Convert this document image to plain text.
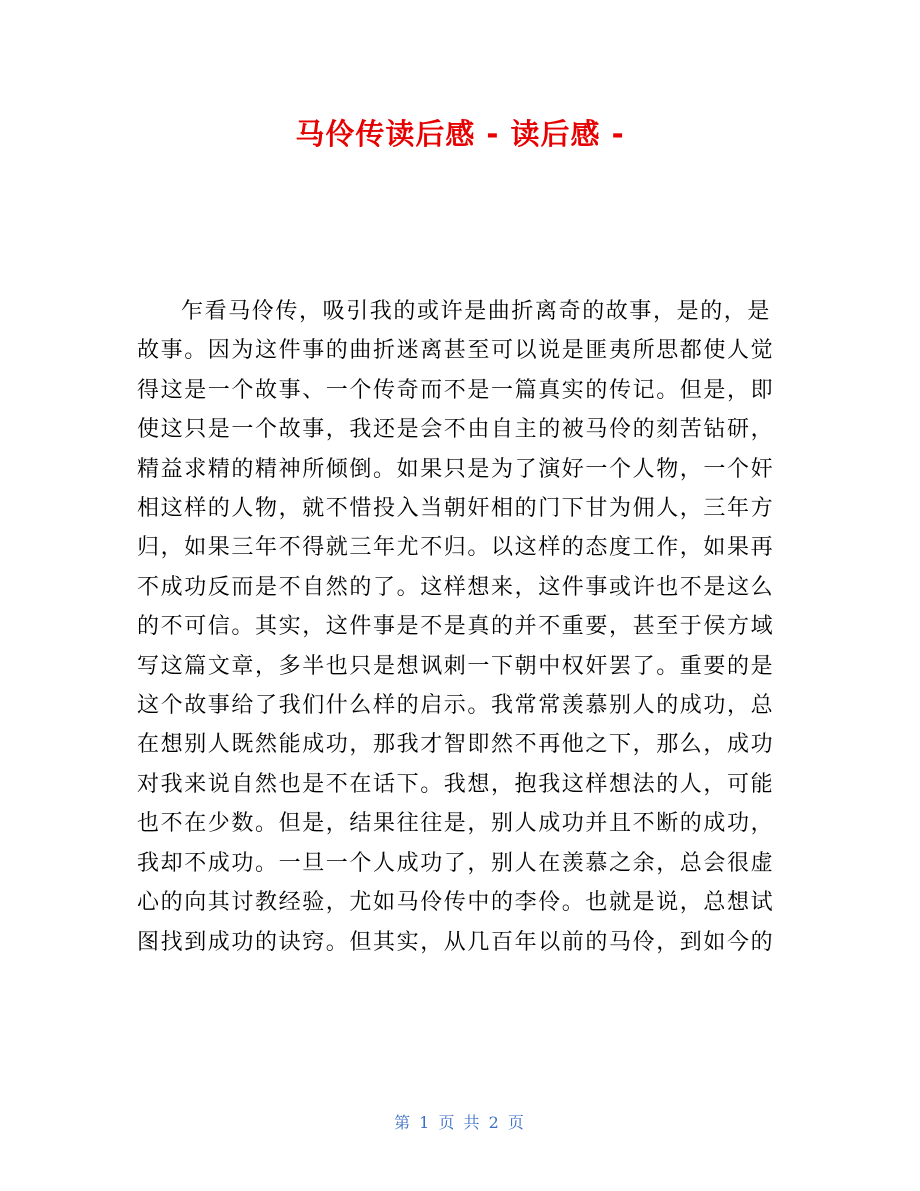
马伶传读后感 - 读后感 -
乍看马伶传，吸引我的或许是曲折离奇的故事，是的，是
故事。因为这件事的曲折迷离甚至可以说是匪夷所思都使人觉
得这是一个故事、一个传奇而不是一篇真实的传记。但是，即
使这只是一个故事，我还是会不由自主的被马伶的刻苦钻研，
精益求精的精神所倾倒。如果只是为了演好一个人物，一个奸
相这样的人物，就不惜投入当朝奸相的门下甘为佣人，三年方
归，如果三年不得就三年尤不归。以这样的态度工作，如果再
不成功反而是不自然的了。这样想来，这件事或许也不是这么
的不可信。其实，这件事是不是真的并不重要，甚至于侯方域
写这篇文章，多半也只是想讽刺一下朝中权奸罢了。重要的是
这个故事给了我们什么样的启示。我常常羡慕别人的成功，总
在想别人既然能成功，那我才智即然不再他之下，那么，成功
对我来说自然也是不在话下。我想，抱我这样想法的人，可能
也不在少数。但是，结果往往是，别人成功并且不断的成功，
我却不成功。一旦一个人成功了，别人在羡慕之余，总会很虚
心的向其讨教经验，尤如马伶传中的李伶。也就是说，总想试
图找到成功的诀窍。但其实，从几百年以前的马伶，到如今的
第 1 页 共 2 页
